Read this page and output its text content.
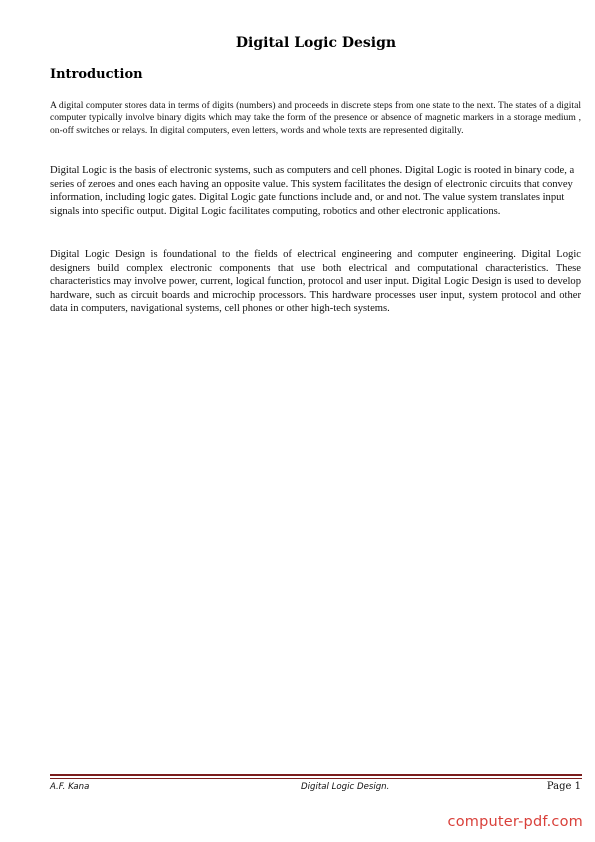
Digital Logic Design
Introduction

A digital computer stores data in terms of digits (numbers) and proceeds in discrete steps from one state to the next. The states of a digital computer typically involve binary digits which may take the form of the presence or absence of magnetic markers in a storage medium , on-off switches or relays. In digital computers, even letters, words and whole texts are represented digitally.

Digital Logic is the basis of electronic systems, such as computers and cell phones. Digital Logic is rooted in binary code, a series of zeroes and ones each having an opposite value. This system facilitates the design of electronic circuits that convey information, including logic gates. Digital Logic gate functions include and, or and not. The value system translates input signals into specific output. Digital Logic facilitates computing, robotics and other electronic applications.

Digital Logic Design is foundational to the fields of electrical engineering and computer engineering. Digital Logic designers build complex electronic components that use both electrical and computational characteristics. These characteristics may involve power, current, logical function, protocol and user input. Digital Logic Design is used to develop hardware, such as circuit boards and microchip processors. This hardware processes user input, system protocol and other data in computers, navigational systems, cell phones or other high-tech systems.

A.F. Kana	Digital Logic Design.	Page 1
computer-pdf.com
